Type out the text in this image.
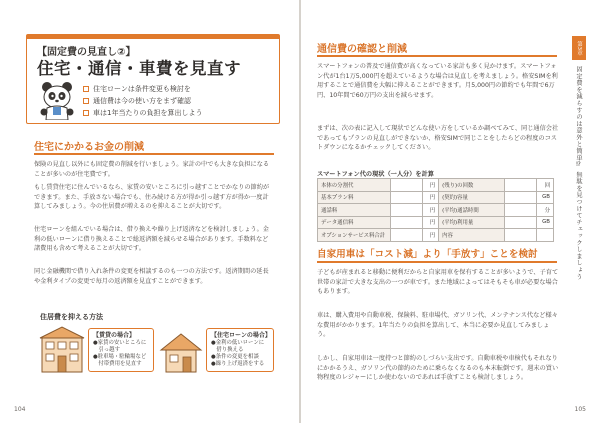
【固定費の見直し②】
住宅・通信・車費を見直す
住宅ローンは条件変更も検討を
通信費は今の使い方をまず確認
車は1年当たりの負担を算出しよう
住宅にかかるお金の削減
保険の見直し以外にも固定費の削減を行いましょう。家計の中でも大きな負担になることが多いのが住宅費です。
もし賃貸住宅に住んでいるなら、家賃の安いところに引っ越すことでかなりの節約ができます。また、手放さない場合でも、住み続ける方が得か引っ越す方が得か一度計算してみましょう。今の住居費が増えるのを抑えることが大切です。
住宅ローンを組んでいる場合は、借り換えや繰り上げ返済などを検討しましょう。金利の低いローンに借り換えることで総返済額を減らせる場合があります。手数料など諸費用も含めて考えることが大切です。
同じ金融機関で借り入れ条件の変更を相談するのも一つの方法です。返済期間の延長や金利タイプの変更で毎月の返済額を見直すことができます。
住居費を抑える方法
【賃貸の場合】
●家賃の安いところに
　引っ越す
●駐車場・駐輪場など
　付帯費用を見直す
【住宅ローンの場合】
●金利の低いローンに
　借り換える
●条件の変更を相談
●繰り上げ返済をする
104
第3章
固定費を減らすのは意外と簡単⁉︎ 無駄を見つけてチェックしましょう
通信費の確認と削減
スマートフォンの普及で通信費が高くなっている家計も多く見かけます。スマートフォン代が1台1万5,000円を超えているような場合は見直しを考えましょう。格安SIMを利用することで通信費を大幅に抑えることができます。月5,000円の節約でも年間で6万円、10年間で60万円の支出を減らせます。
まずは、次の表に記入して現状でどんな使い方をしているか調べてみて、同じ通信会社であってもプランの見直しができないか、格安SIMで同じことをしたらどの程度のコストダウンになるかチェックしてください。
スマートフォン代の現状（一人分）を計算
本体の分割代		円	(残り)の回数		回
基本プラン料		円	(契約)容量		GB
通話料		円	(平均)通話時間		分
データ通信料		円	(平均)利用量		GB
オプションサービス料合計		円	内容		
自家用車は「コスト減」より「手放す」ことを検討
子どもが産まれると移動に便利だからと自家用車を保有することが多いようで、子育て世帯の家計で大きな支出の一つが車です。また地域によってはそもそも車が必要な場合もあります。
車は、購入費用や自動車税、保険料、駐車場代、ガソリン代、メンテナンス代など様々な費用がかかります。1年当たりの負担を算出して、本当に必要か見直してみましょう。
しかし、自家用車は一度持つと節約のしづらい支出です。自動車税や車検代もそれなりにかかるうえ、ガソリン代の節約のために乗らなくなるのも本末転倒です。週末の買い物程度のレジャーにしか使わないのであれば手放すことも検討しましょう。
105
